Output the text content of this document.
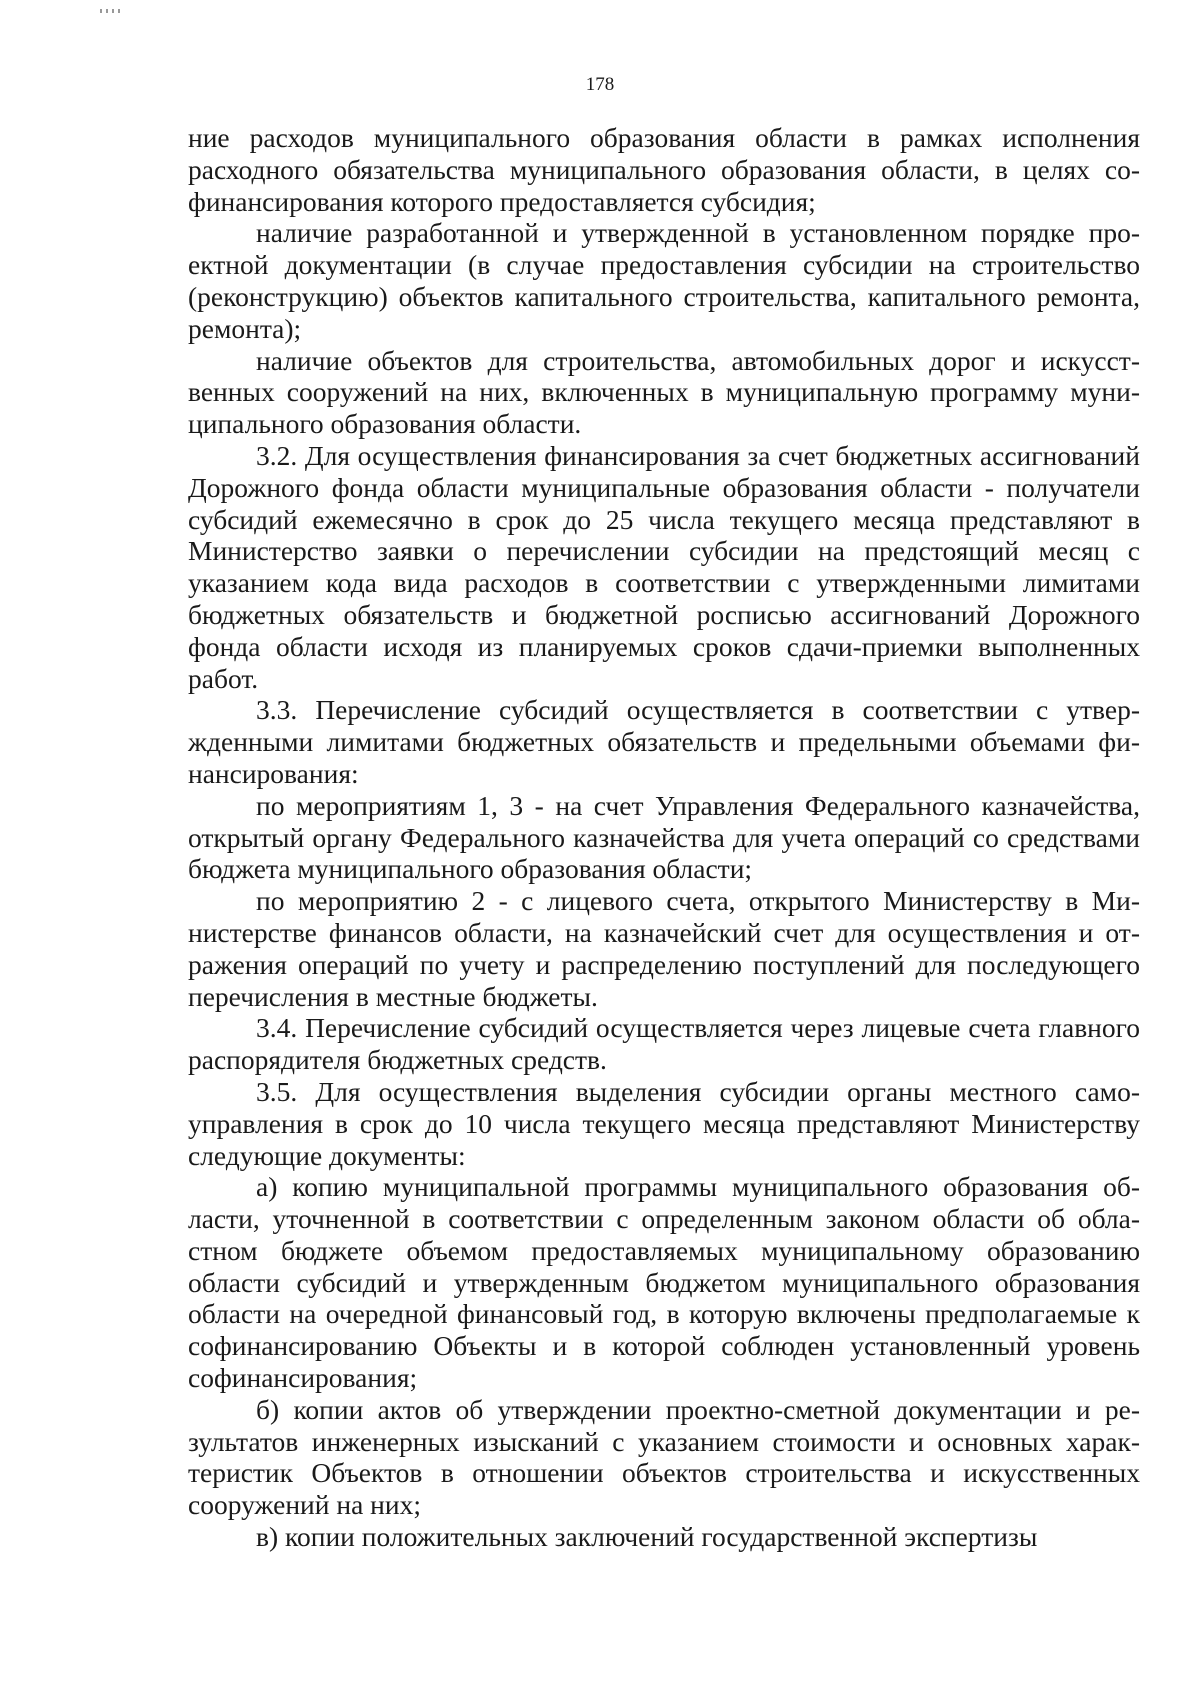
178

ние расходов муниципального образования области в рамках исполнения расходного обязательства муниципального образования области, в целях софинансирования которого предоставляется субсидия;

наличие разработанной и утвержденной в установленном порядке проектной документации (в случае предоставления субсидии на строительство (реконструкцию) объектов капитального строительства, капитального ремонта, ремонта);

наличие объектов для строительства, автомобильных дорог и искусственных сооружений на них, включенных в муниципальную программу муниципального образования области.

3.2. Для осуществления финансирования за счет бюджетных ассигнований Дорожного фонда области муниципальные образования области - получатели субсидий ежемесячно в срок до 25 числа текущего месяца представляют в Министерство заявки о перечислении субсидии на предстоящий месяц с указанием кода вида расходов в соответствии с утвержденными лимитами бюджетных обязательств и бюджетной росписью ассигнований Дорожного фонда области исходя из планируемых сроков сдачи-приемки выполненных работ.

3.3. Перечисление субсидий осуществляется в соответствии с утвержденными лимитами бюджетных обязательств и предельными объемами финансирования:

по мероприятиям 1, 3 - на счет Управления Федерального казначейства, открытый органу Федерального казначейства для учета операций со средствами бюджета муниципального образования области;

по мероприятию 2 - с лицевого счета, открытого Министерству в Министерстве финансов области, на казначейский счет для осуществления и отражения операций по учету и распределению поступлений для последующего перечисления в местные бюджеты.

3.4. Перечисление субсидий осуществляется через лицевые счета главного распорядителя бюджетных средств.

3.5. Для осуществления выделения субсидии органы местного самоуправления в срок до 10 числа текущего месяца представляют Министерству следующие документы:

а) копию муниципальной программы муниципального образования области, уточненной в соответствии с определенным законом области об областном бюджете объемом предоставляемых муниципальному образованию области субсидий и утвержденным бюджетом муниципального образования области на очередной финансовый год, в которую включены предполагаемые к софинансированию Объекты и в которой соблюден установленный уровень софинансирования;

б) копии актов об утверждении проектно-сметной документации и результатов инженерных изысканий с указанием стоимости и основных характеристик Объектов в отношении объектов строительства и искусственных сооружений на них;

в) копии положительных заключений государственной экспертизы
